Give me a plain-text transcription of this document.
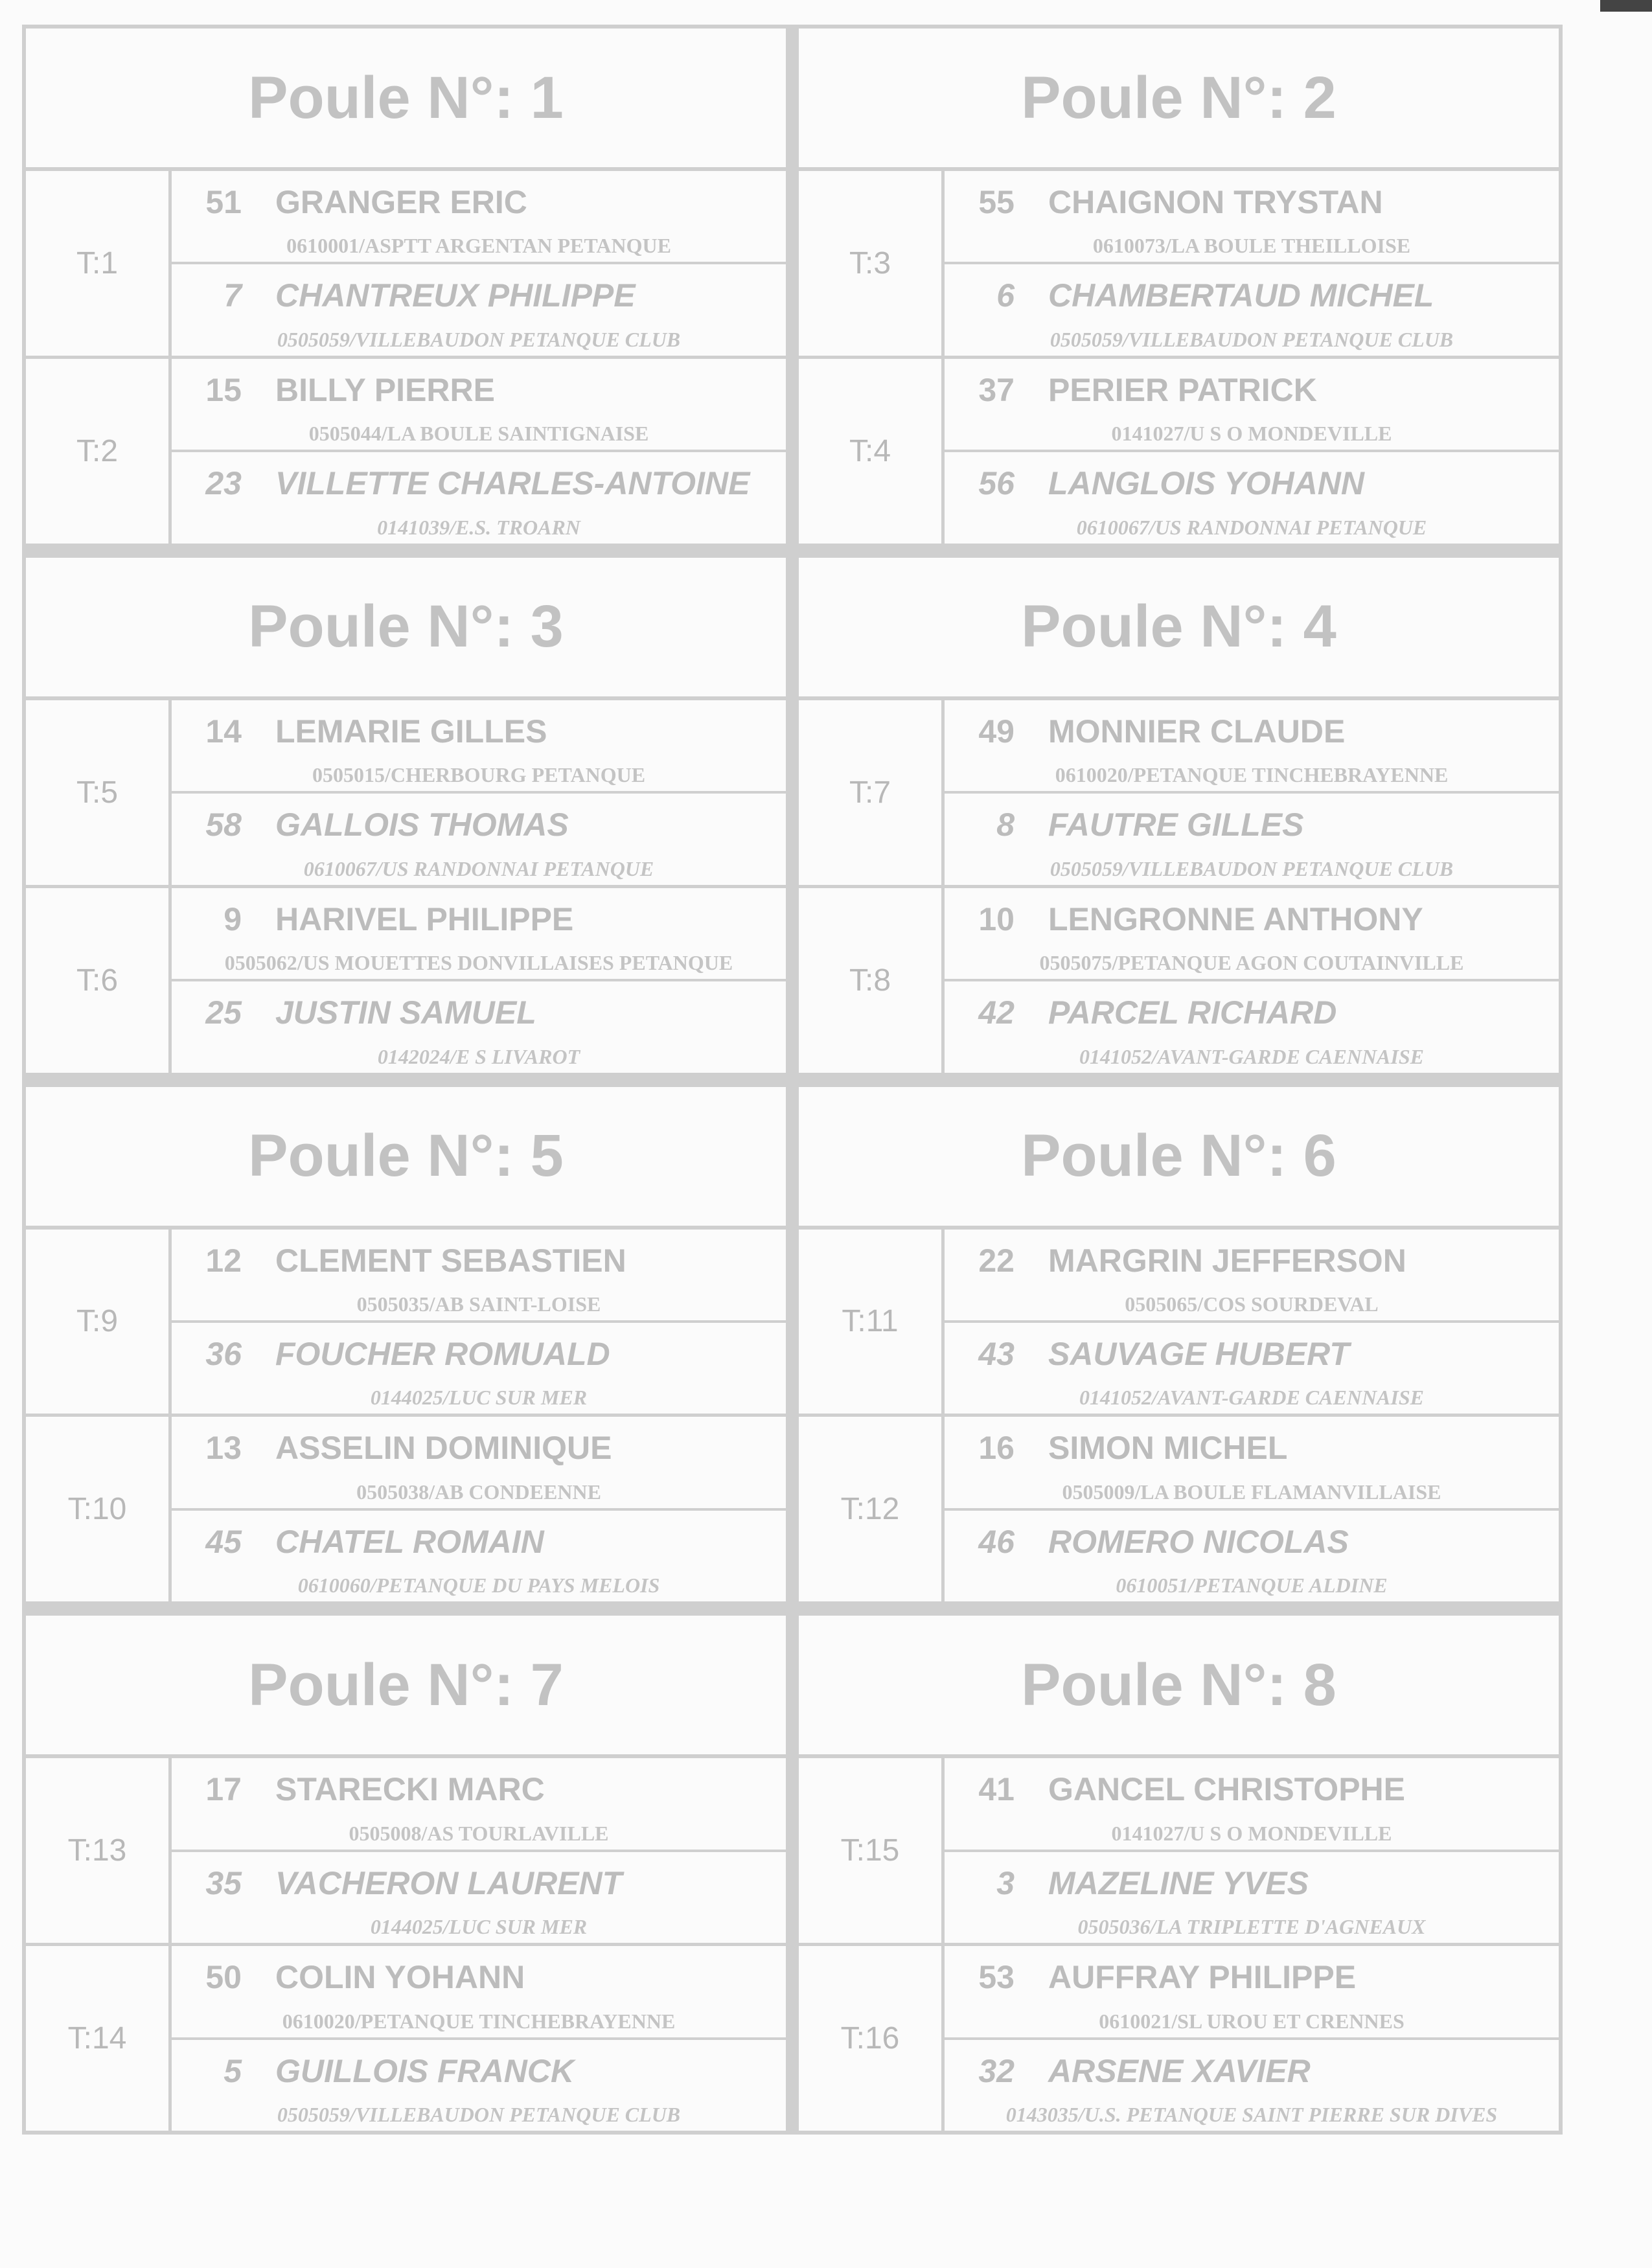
Poule N°: 1
T:1
51	GRANGER ERIC
0610001/ASPTT ARGENTAN PETANQUE
7	CHANTREUX PHILIPPE
0505059/VILLEBAUDON PETANQUE CLUB
T:2
15	BILLY PIERRE
0505044/LA BOULE SAINTIGNAISE
23	VILLETTE CHARLES-ANTOINE
0141039/E.S. TROARN
Poule N°: 2
T:3
55	CHAIGNON TRYSTAN
0610073/LA BOULE THEILLOISE
6	CHAMBERTAUD MICHEL
0505059/VILLEBAUDON PETANQUE CLUB
T:4
37	PERIER PATRICK
0141027/U S O MONDEVILLE
56	LANGLOIS YOHANN
0610067/US RANDONNAI PETANQUE
Poule N°: 3
T:5
14	LEMARIE GILLES
0505015/CHERBOURG PETANQUE
58	GALLOIS THOMAS
0610067/US RANDONNAI PETANQUE
T:6
9	HARIVEL PHILIPPE
0505062/US MOUETTES DONVILLAISES PETANQUE
25	JUSTIN SAMUEL
0142024/E S LIVAROT
Poule N°: 4
T:7
49	MONNIER CLAUDE
0610020/PETANQUE TINCHEBRAYENNE
8	FAUTRE GILLES
0505059/VILLEBAUDON PETANQUE CLUB
T:8
10	LENGRONNE ANTHONY
0505075/PETANQUE AGON COUTAINVILLE
42	PARCEL RICHARD
0141052/AVANT-GARDE CAENNAISE
Poule N°: 5
T:9
12	CLEMENT SEBASTIEN
0505035/AB SAINT-LOISE
36	FOUCHER ROMUALD
0144025/LUC SUR MER
T:10
13	ASSELIN DOMINIQUE
0505038/AB CONDEENNE
45	CHATEL ROMAIN
0610060/PETANQUE DU PAYS MELOIS
Poule N°: 6
T:11
22	MARGRIN JEFFERSON
0505065/COS SOURDEVAL
43	SAUVAGE HUBERT
0141052/AVANT-GARDE CAENNAISE
T:12
16	SIMON MICHEL
0505009/LA BOULE FLAMANVILLAISE
46	ROMERO NICOLAS
0610051/PETANQUE ALDINE
Poule N°: 7
T:13
17	STARECKI MARC
0505008/AS TOURLAVILLE
35	VACHERON LAURENT
0144025/LUC SUR MER
T:14
50	COLIN YOHANN
0610020/PETANQUE TINCHEBRAYENNE
5	GUILLOIS FRANCK
0505059/VILLEBAUDON PETANQUE CLUB
Poule N°: 8
T:15
41	GANCEL CHRISTOPHE
0141027/U S O MONDEVILLE
3	MAZELINE YVES
0505036/LA TRIPLETTE D'AGNEAUX
T:16
53	AUFFRAY PHILIPPE
0610021/SL UROU ET CRENNES
32	ARSENE XAVIER
0143035/U.S. PETANQUE SAINT PIERRE SUR DIVES
